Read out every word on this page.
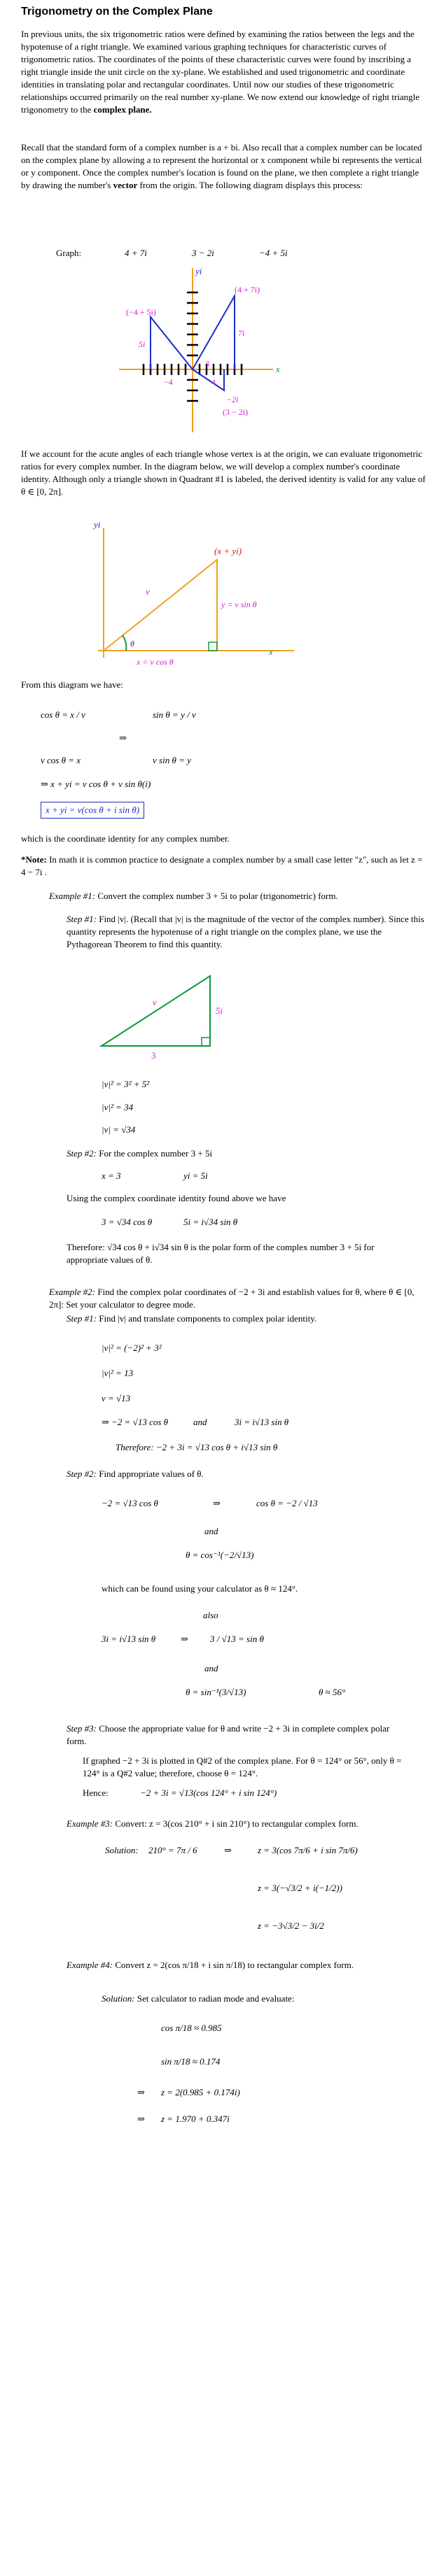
Trigonometry on the Complex Plane

In previous units, the six trigonometric ratios were defined by examining the ratios between the legs and the hypotenuse of a right triangle. We examined various graphing techniques for characteristic curves of trigonometric ratios. The coordinates of the points of these characteristic curves were found by inscribing a right triangle inside the unit circle on the xy-plane. We established and used trigonometric and coordinate identities in translating polar and rectangular coordinates. Until now our studies of these trigonometric relationships occurred primarily on the real number xy-plane. We now extend our knowledge of right triangle trigonometry to the complex plane.

Recall that the standard form of a complex number is a + bi. Also recall that a complex number can be located on the complex plane by allowing a to represent the horizontal or x component while bi represents the vertical or y component. Once the complex number's location is found on the plane, we then complete a right triangle by drawing the number's vector from the origin. The following diagram displays this process:

Graph:	4 + 7i	3 − 2i	−4 + 5i
yi
x
(4 + 7i)
(−4 + 5i)
(3 − 2i)
7i
5i
4
−4
3
−2i

If we account for the acute angles of each triangle whose vertex is at the origin, we can evaluate trigonometric ratios for every complex number. In the diagram below, we will develop a complex number's coordinate identity. Although only a triangle shown in Quadrant #1 is labeled, the derived identity is valid for any value of θ ∈ [0, 2π].

yi
x
(x + yi)
v
θ
y = v sin θ
x = v cos θ
From this diagram we have:
cos θ = x / v	sin θ = y / v
⇒
v cos θ = x	v sin θ = y
⇒ x + yi = v cos θ + v sin θ(i)
x + yi = v(cos θ + i sin θ)
which is the coordinate identity for any complex number.

*Note: In math it is common practice to designate a complex number by a small case letter "z", such as let z = 4 − 7i .

Example #1: Convert the complex number 3 + 5i to polar (trigonometric) form.

Step #1: Find |v|. (Recall that |v| is the magnitude of the vector of the complex number). Since this quantity represents the hypotenuse of a right triangle on the complex plane, we use the Pythagorean Theorem to find this quantity.

5i
3
v
|v|² = 3² + 5²
|v|² = 34
|v| = √34

Step #2: For the complex number 3 + 5i

x = 3	yi = 5i
Using the complex coordinate identity found above we have
3 = √34 cos θ	5i = i√34 sin θ

Therefore: √34 cos θ + i√34 sin θ is the polar form of the complex number 3 + 5i for appropriate values of θ.

Example #2: Find the complex polar coordinates of −2 + 3i and establish values for θ, where θ ∈ [0, 2π]: Set your calculator to degree mode.

Step #1: Find |v| and translate components to complex polar identity.

|v|² = (−2)² + 3²
|v|² = 13
v = √13
⇒ −2 = √13 cos θ	and	3i = i√13 sin θ
Therefore: −2 + 3i = √13 cos θ + i√13 sin θ

Step #2: Find appropriate values of θ.

−2 = √13 cos θ	⇒	cos θ = −2 / √13
and
θ = cos⁻¹(−2/√13)
which can be found using your calculator as θ ≈ 124°.
also
3i = i√13 sin θ	⇒ 3 / √13 = sin θ
and
θ = sin⁻¹(3/√13)	θ ≈ 56°

Step #3: Choose the appropriate value for θ and write −2 + 3i in complete complex polar form.

If graphed −2 + 3i is plotted in Q#2 of the complex plane. For θ = 124° or 56°, only θ = 124° is a Q#2 value; therefore, choose θ = 124°.

Hence:	−2 + 3i = √13(cos 124° + i sin 124°)

Example #3: Convert: z = 3(cos 210° + i sin 210°) to rectangular complex form.

Solution: 210° = 7π / 6	⇒	z = 3(cos 7π/6 + i sin 7π/6)
z = 3(−√3/2 + i(−1/2))
z = −3√3/2 − 3i/2

Example #4: Convert z = 2(cos π/18 + i sin π/18) to rectangular complex form.

Solution: Set calculator to radian mode and evaluate:

cos π/18 ≈ 0.985
sin π/18 ≈ 0.174
⇒ z = 2(0.985 + 0.174i)
⇒ z = 1.970 + 0.347i
